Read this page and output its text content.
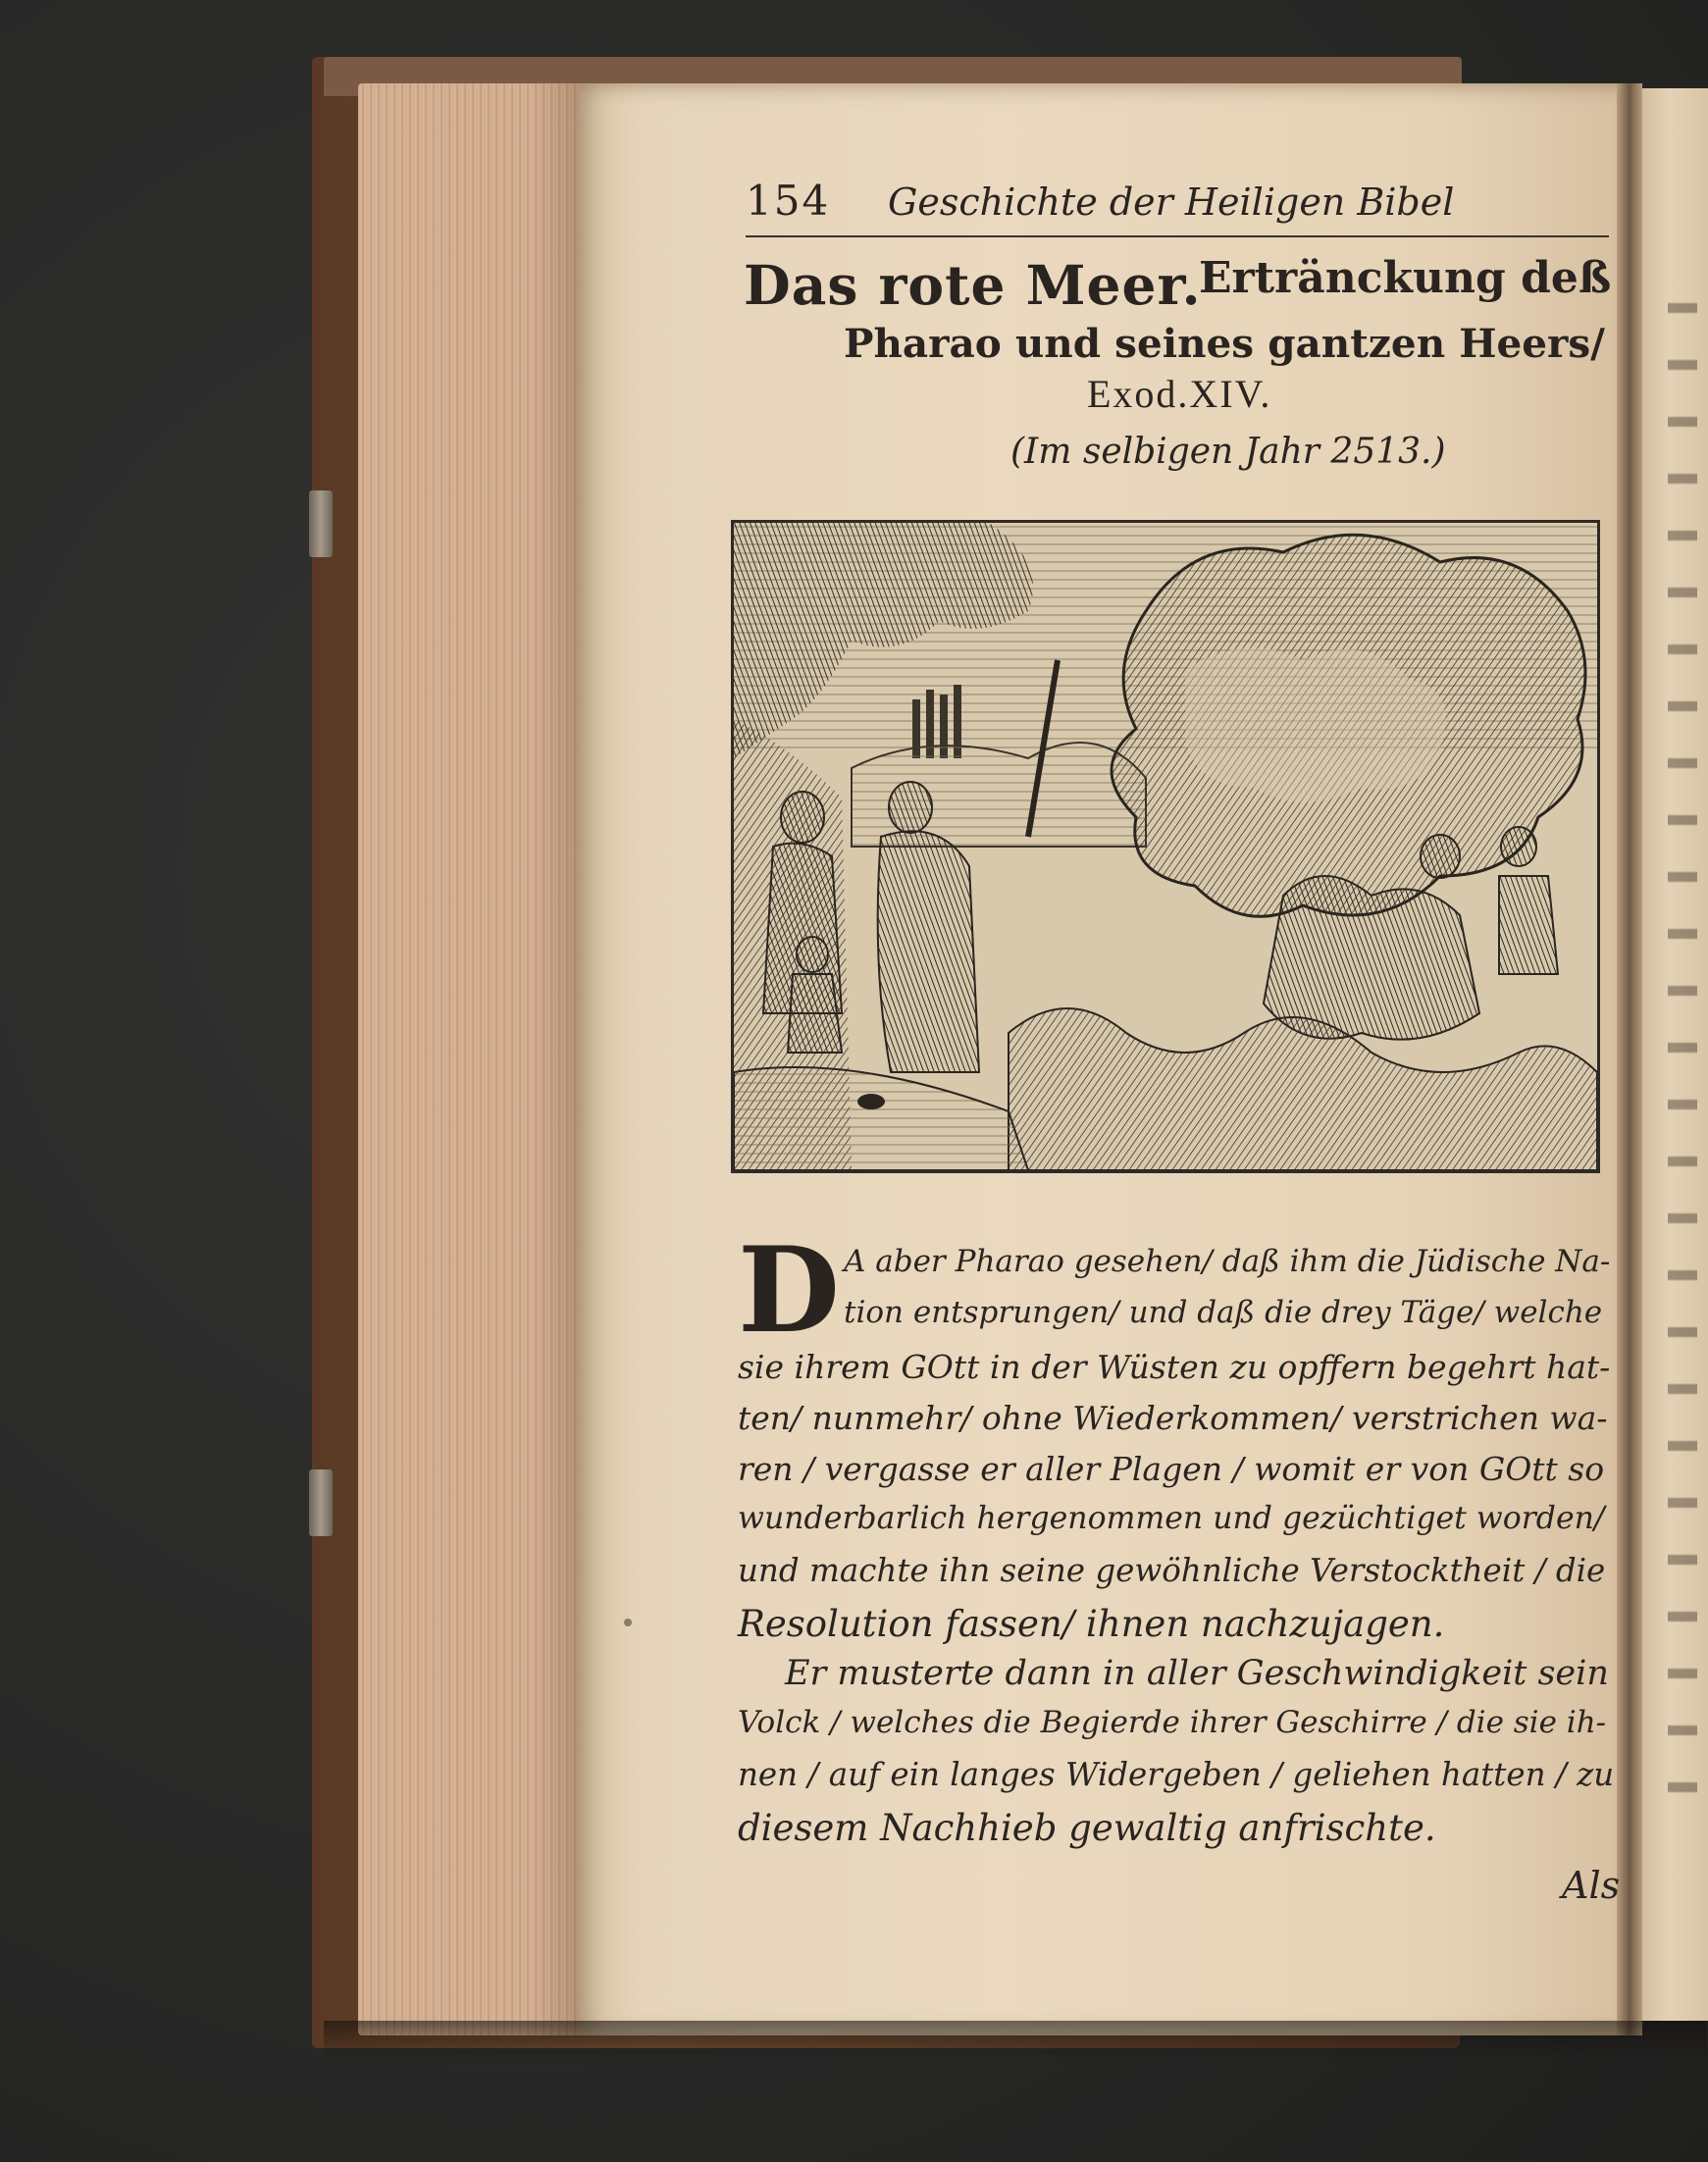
154 Geschichte der Heiligen Bibel
Das rote Meer.
Ertränckung deß
Pharao und seines gantzen Heers/
Exod.XIV.
(Im selbigen Jahr 2513.)
D A aber Pharao gesehen/ daß ihm die Jüdische Na-
tion entsprungen/ und daß die drey Täge/ welche
sie ihrem GOtt in der Wüsten zu opffern begehrt hat-
ten/ nunmehr/ ohne Wiederkommen/ verstrichen wa-
ren / vergasse er aller Plagen / womit er von GOtt so
wunderbarlich hergenommen und gezüchtiget worden/
und machte ihn seine gewöhnliche Verstocktheit / die
Resolution fassen/ ihnen nachzujagen.
Er musterte dann in aller Geschwindigkeit sein
Volck / welches die Begierde ihrer Geschirre / die sie ih-
nen / auf ein langes Widergeben / geliehen hatten / zu
diesem Nachhieb gewaltig anfrischte.
Als
